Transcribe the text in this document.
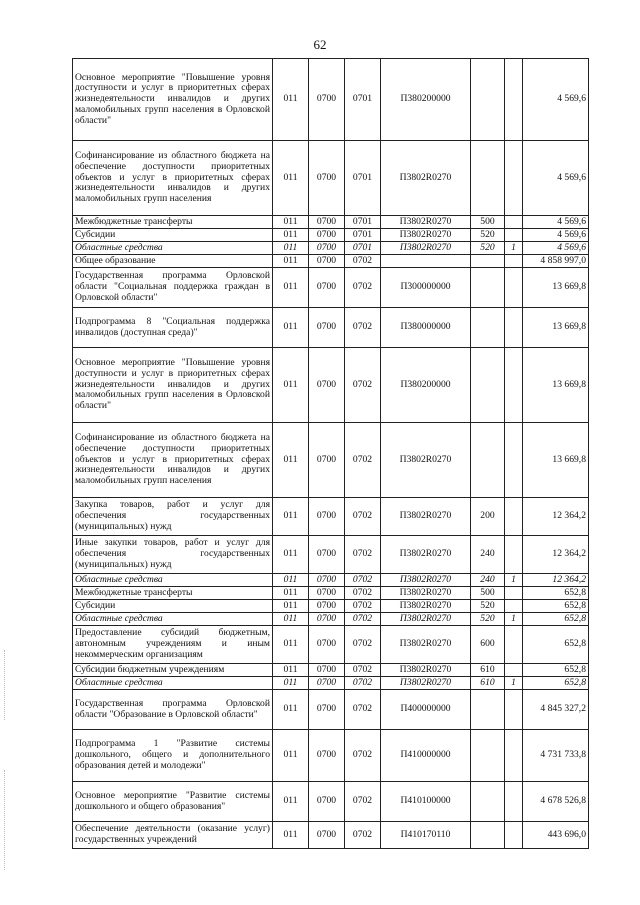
62
Основное мероприятие "Повышение уровня доступности и услуг в приоритетных сферах жизнедеятельности инвалидов и других маломобильных групп населения в Орловской области"	011	0700	0701	П380200000			4 569,6
Софинансирование из областного бюджета на обеспечение доступности приоритетных объектов и услуг в приоритетных сферах жизнедеятельности инвалидов и других маломобильных групп населения	011	0700	0701	П3802R0270			4 569,6
Межбюджетные трансферты	011	0700	0701	П3802R0270	500		4 569,6
Субсидии	011	0700	0701	П3802R0270	520		4 569,6
Областные средства	011	0700	0701	П3802R0270	520	1	4 569,6
Общее образование	011	0700	0702				4 858 997,0
Государственная программа Орловской области "Социальная поддержка граждан в Орловской области"	011	0700	0702	П300000000			13 669,8
Подпрограмма 8 "Социальная поддержка инвалидов (доступная среда)"	011	0700	0702	П380000000			13 669,8
Основное мероприятие "Повышение уровня доступности и услуг в приоритетных сферах жизнедеятельности инвалидов и других маломобильных групп населения в Орловской области"	011	0700	0702	П380200000			13 669,8
Софинансирование из областного бюджета на обеспечение доступности приоритетных объектов и услуг в приоритетных сферах жизнедеятельности инвалидов и других маломобильных групп населения	011	0700	0702	П3802R0270			13 669,8
Закупка товаров, работ и услуг для обеспечения государственных (муниципальных) нужд	011	0700	0702	П3802R0270	200		12 364,2
Иные закупки товаров, работ и услуг для обеспечения государственных (муниципальных) нужд	011	0700	0702	П3802R0270	240		12 364,2
Областные средства	011	0700	0702	П3802R0270	240	1	12 364,2
Межбюджетные трансферты	011	0700	0702	П3802R0270	500		652,8
Субсидии	011	0700	0702	П3802R0270	520		652,8
Областные средства	011	0700	0702	П3802R0270	520	1	652,8
Предоставление субсидий бюджетным, автономным учреждениям и иным некоммерческим организациям	011	0700	0702	П3802R0270	600		652,8
Субсидии бюджетным учреждениям	011	0700	0702	П3802R0270	610		652,8
Областные средства	011	0700	0702	П3802R0270	610	1	652,8
Государственная программа Орловской области "Образование в Орловской области"	011	0700	0702	П400000000			4 845 327,2
Подпрограмма 1 "Развитие системы дошкольного, общего и дополнительного образования детей и молодежи"	011	0700	0702	П410000000			4 731 733,8
Основное мероприятие "Развитие системы дошкольного и общего образования"	011	0700	0702	П410100000			4 678 526,8
Обеспечение деятельности (оказание услуг) государственных учреждений	011	0700	0702	П410170110			443 696,0
